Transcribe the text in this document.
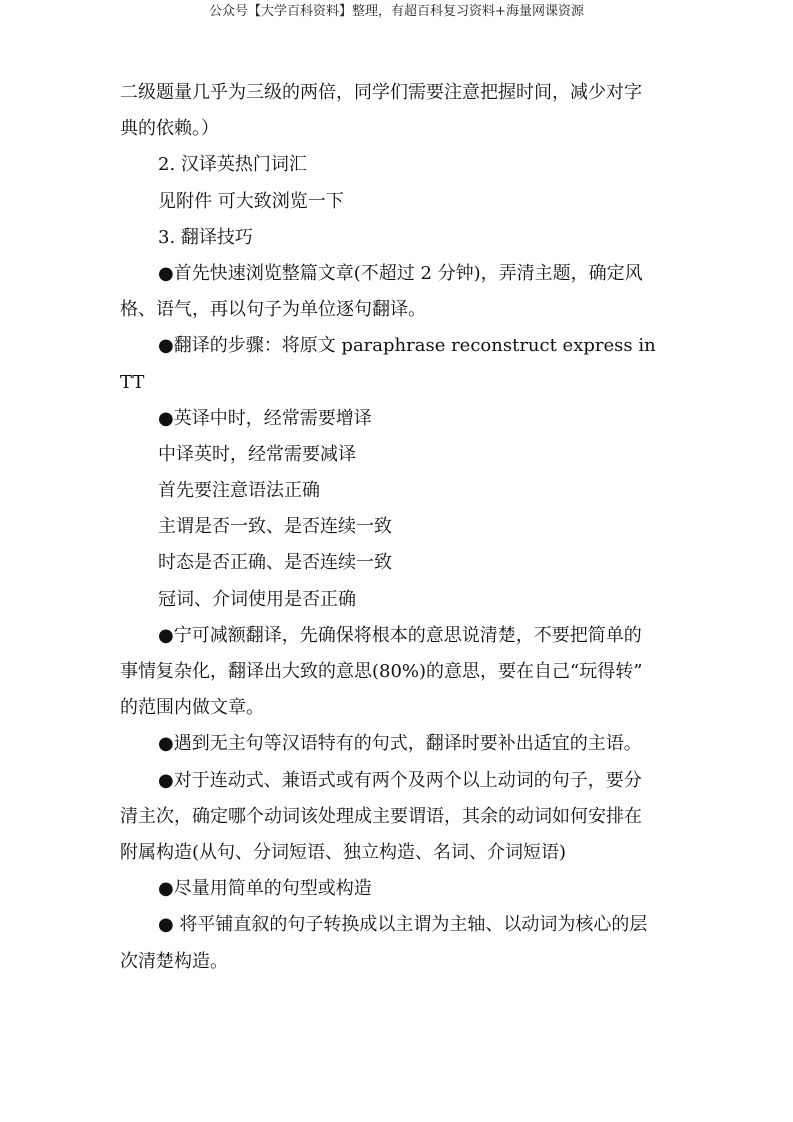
公众号【大学百科资料】整理，有超百科复习资料+海量网课资源
二级题量几乎为三级的两倍，同学们需要注意把握时间，减少对字
典的依赖。）
2. 汉译英热门词汇
见附件 可大致浏览一下
3. 翻译技巧
●首先快速浏览整篇文章(不超过 2 分钟)，弄清主题，确定风
格、语气，再以句子为单位逐句翻译。
●翻译的步骤：将原文 paraphrase reconstruct express in
TT
●英译中时，经常需要增译
中译英时，经常需要减译
首先要注意语法正确
主谓是否一致、是否连续一致
时态是否正确、是否连续一致
冠词、介词使用是否正确
●宁可减额翻译，先确保将根本的意思说清楚，不要把简单的
事情复杂化，翻译出大致的意思(80%)的意思，要在自己“玩得转”
的范围内做文章。
●遇到无主句等汉语特有的句式，翻译时要补出适宜的主语。
●对于连动式、兼语式或有两个及两个以上动词的句子，要分
清主次，确定哪个动词该处理成主要谓语，其余的动词如何安排在
附属构造(从句、分词短语、独立构造、名词、介词短语)
●尽量用简单的句型或构造
● 将平铺直叙的句子转换成以主谓为主轴、以动词为核心的层
次清楚构造。
